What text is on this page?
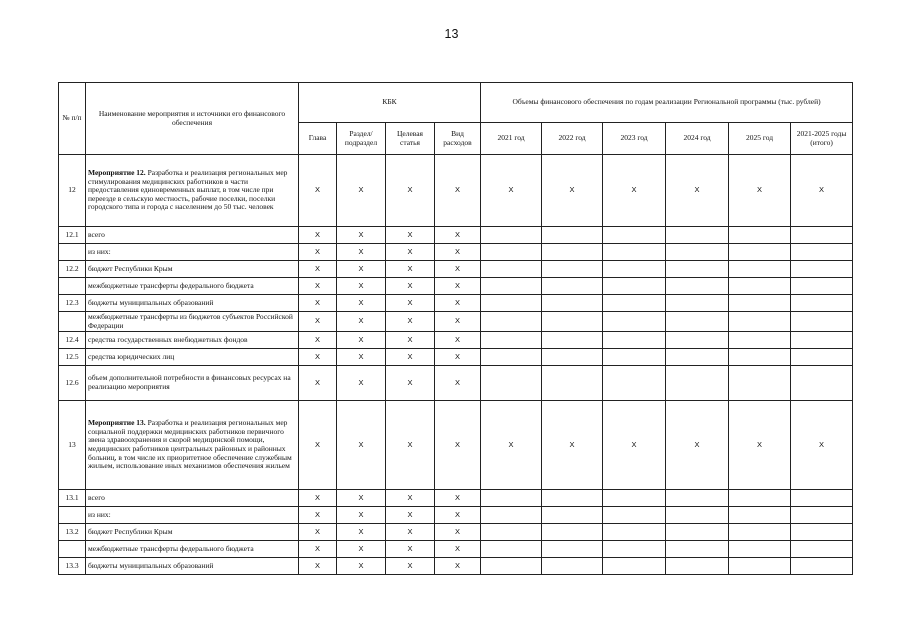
13
№ п/п	Наименование мероприятия и источники его финансового обеспечения	КБК				Объемы финансового обеспечения по годам реализации Региональной программы (тыс. рублей)					
		Глава	Раздел/ подраздел	Целевая статья	Вид расходов	2021 год	2022 год	2023 год	2024 год	2025 год	2021-2025 годы (итого)
12	Мероприятие 12. Разработка и реализация региональных мер стимулирования медицинских работников в части предоставления единовременных выплат, в том числе при переезде в сельскую местность, рабочие поселки, поселки городского типа и города с населением до 50 тыс. человек	X	X	X	X	X	X	X	X	X	X
12.1	всего	X	X	X	X						
	из них:	X	X	X	X						
12.2	бюджет Республики Крым	X	X	X	X						
	межбюджетные трансферты федерального бюджета	X	X	X	X						
12.3	бюджеты муниципальных образований	X	X	X	X						
	межбюджетные трансферты из бюджетов субъектов Российской Федерации	X	X	X	X						
12.4	средства государственных внебюджетных фондов	X	X	X	X						
12.5	средства юридических лиц	X	X	X	X						
12.6	объем дополнительной потребности в финансовых ресурсах на реализацию мероприятия	X	X	X	X						
13	Мероприятие 13. Разработка и реализация региональных мер социальной поддержки медицинских работников первичного звена здравоохранения и скорой медицинской помощи, медицинских работников центральных районных и районных больниц, в том числе их приоритетное обеспечение служебным жильем, использование иных механизмов обеспечения жильем	X	X	X	X	X	X	X	X	X	X
13.1	всего	X	X	X	X						
	из них:	X	X	X	X						
13.2	бюджет Республики Крым	X	X	X	X						
	межбюджетные трансферты федерального бюджета	X	X	X	X						
13.3	бюджеты муниципальных образований	X	X	X	X						
